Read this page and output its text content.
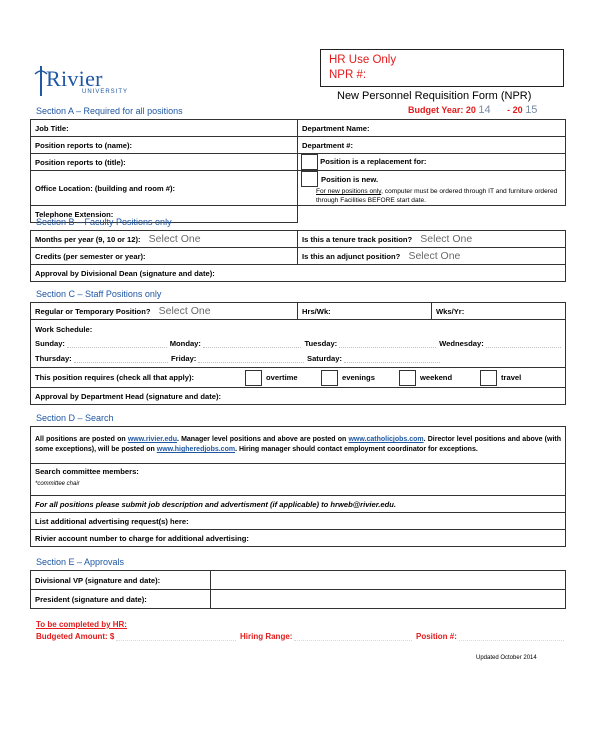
Rivier
UNIVERSITY
HR Use Only
NPR #:
New Personnel Requisition Form (NPR)
Budget Year: 20 14 - 20 15
Section A – Required for all positions
Job Title:	Department Name:
Position reports to (name):	Department #:
Position reports to (title):	Position is a replacement for:
Office Location: (building and room #):	Position is new.
For new positions only, computer must be ordered through IT and furniture ordered through Facilities BEFORE start date.

Telephone Extension:	
Section B – Faculty Positions only
Months per year (9, 10 or 12): Select One	Is this a tenure track position? Select One
Credits (per semester or year):	Is this an adjunct position? Select One
Approval by Divisional Dean (signature and date):	
Section C – Staff Positions only
Regular or Temporary Position? Select One	Hrs/Wk:	Wks/Yr:

Work Schedule:
Sunday:	Monday:	Tuesday:	Wednesday:
Thursday:	Friday:	Saturday:

This position requires (check all that apply):	overtime	evenings	weekend	travel

Approval by Department Head (signature and date):
Section D – Search
All positions are posted on www.rivier.edu. Manager level positions and above are posted on www.catholicjobs.com. Director level positions and above (with some exceptions), will be posted on www.higheredjobs.com. Hiring manager should contact employment coordinator for exceptions.

Search committee members:
*committee chair

For all positions please submit job description and advertisment (if applicable) to hrweb@rivier.edu.
List additional advertising request(s) here:
Rivier account number to charge for additional advertising:
Section E – Approvals
Divisional VP (signature and date):	
President (signature and date):	
To be completed by HR:
Budgeted Amount: $	Hiring Range:	Position #:
Updated October 2014
